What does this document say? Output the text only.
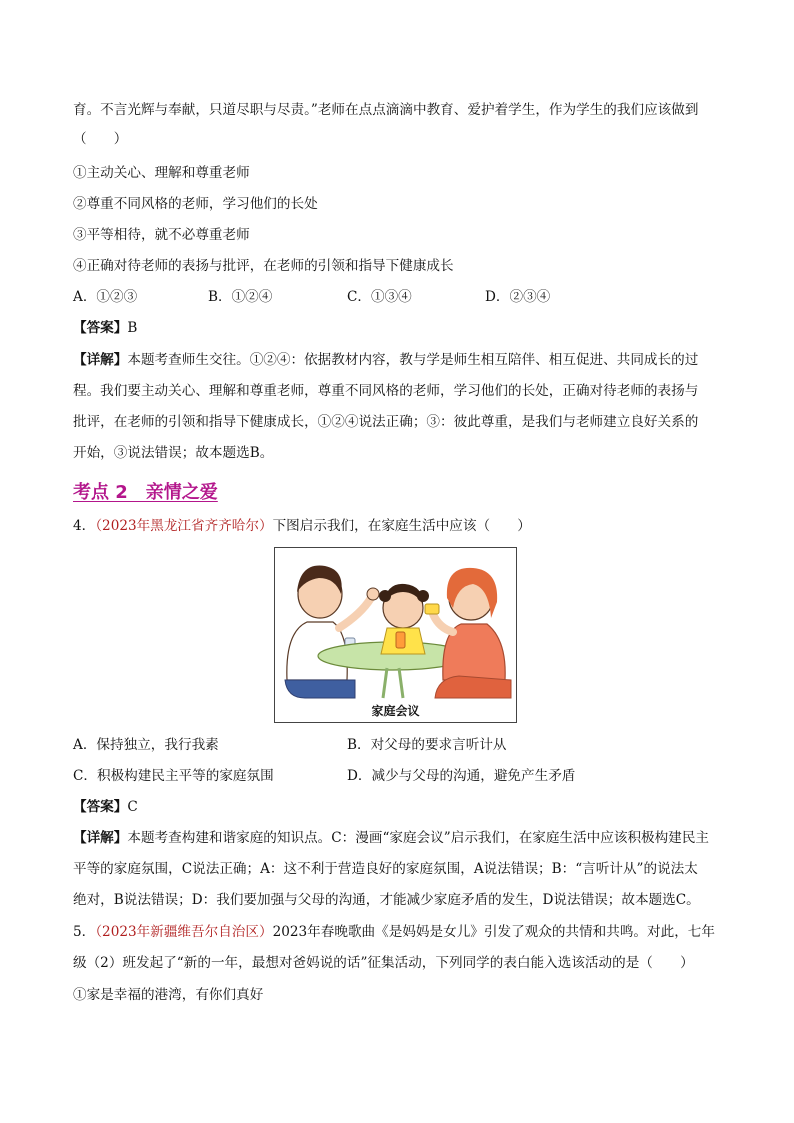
育。不言光辉与奉献，只道尽职与尽责。”老师在点点滴滴中教育、爱护着学生，作为学生的我们应该做到
（　　）
①主动关心、理解和尊重老师
②尊重不同风格的老师，学习他们的长处
③平等相待，就不必尊重老师
④正确对待老师的表扬与批评，在老师的引领和指导下健康成长
A．①②③	B．①②④	C．①③④	D．②③④
【答案】B
【详解】本题考查师生交往。①②④：依据教材内容，教与学是师生相互陪伴、相互促进、共同成长的过
程。我们要主动关心、理解和尊重老师，尊重不同风格的老师，学习他们的长处，正确对待老师的表扬与
批评，在老师的引领和指导下健康成长，①②④说法正确；③：彼此尊重，是我们与老师建立良好关系的
开始，③说法错误；故本题选B。
考点 2　亲情之爱
4．（2023年黑龙江省齐齐哈尔）下图启示我们，在家庭生活中应该（　　）
家庭会议
A．保持独立，我行我素	B．对父母的要求言听计从
C．积极构建民主平等的家庭氛围	D．减少与父母的沟通，避免产生矛盾
【答案】C
【详解】本题考查构建和谐家庭的知识点。C：漫画“家庭会议”启示我们，在家庭生活中应该积极构建民主
平等的家庭氛围，C说法正确；A：这不利于营造良好的家庭氛围，A说法错误；B：“言听计从”的说法太
绝对，B说法错误；D：我们要加强与父母的沟通，才能减少家庭矛盾的发生，D说法错误；故本题选C。
5．（2023年新疆维吾尔自治区）2023年春晚歌曲《是妈妈是女儿》引发了观众的共情和共鸣。对此，七年
级（2）班发起了“新的一年，最想对爸妈说的话”征集活动，下列同学的表白能入选该活动的是（　　）
①家是幸福的港湾，有你们真好
